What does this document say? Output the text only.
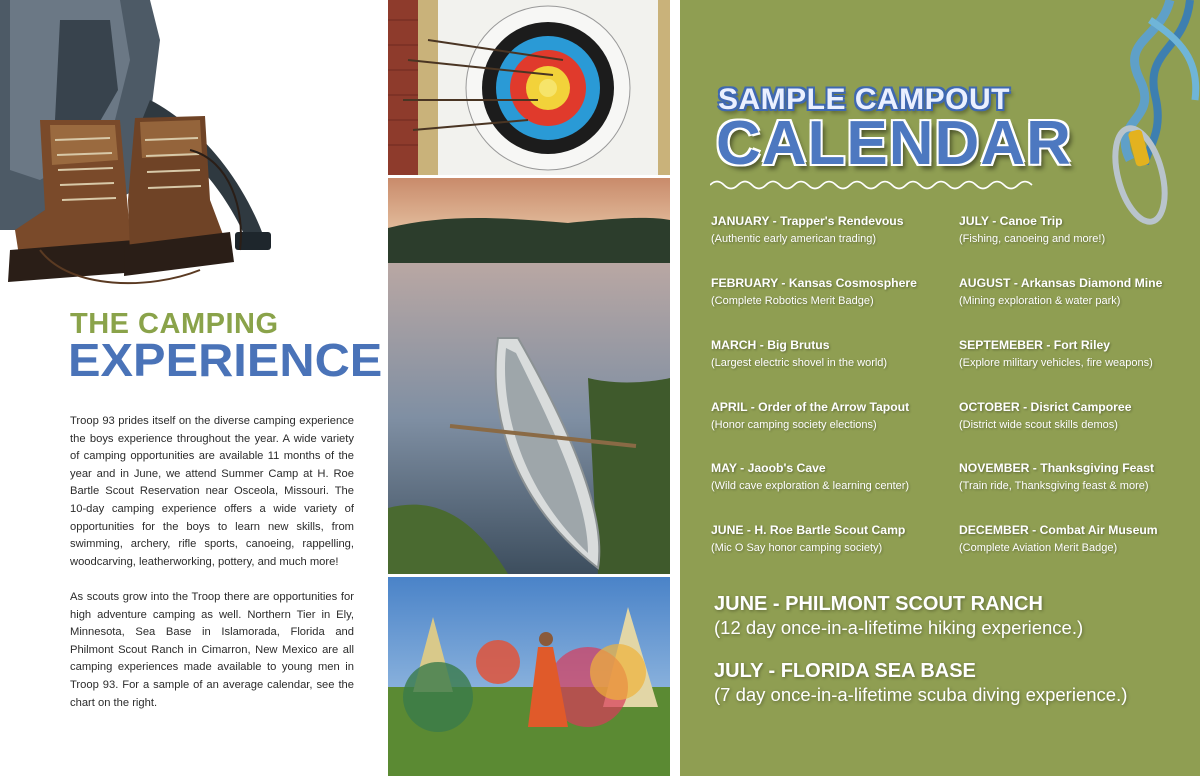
THE CAMPING
EXPERIENCE

Troop 93 prides itself on the diverse camping experience the boys experience throughout the year. A wide variety of camping opportunities are available 11 months of the year and in June, we attend Summer Camp at H. Roe Bartle Scout Reservation near Osceola, Missouri. The 10-day camping experience offers a wide variety of opportunities for the boys to learn new skills, from swimming, archery, rifle sports, canoeing, rappelling, woodcarving, leatherworking, pottery, and much more!

As scouts grow into the Troop there are opportunities for high adventure camping as well. Northern Tier in Ely, Minnesota, Sea Base in Islamorada, Florida and Philmont Scout Ranch in Cimarron, New Mexico are all camping experiences made available to young men in Troop 93. For a sample of an average calendar, see the chart on the right.

SAMPLE CAMPOUT
CALENDAR
JANUARY - Trapper's Rendevous
(Authentic early american trading)
FEBRUARY - Kansas Cosmosphere
(Complete Robotics Merit Badge)
MARCH - Big Brutus
(Largest electric shovel in the world)
APRIL - Order of the Arrow Tapout
(Honor camping society elections)
MAY - Jaoob's Cave
(Wild cave exploration & learning center)
JUNE - H. Roe Bartle Scout Camp
(Mic O Say honor camping society)
JULY - Canoe Trip
(Fishing, canoeing and more!)
AUGUST - Arkansas Diamond Mine
(Mining exploration & water park)
SEPTEMEBER - Fort Riley
(Explore military vehicles, fire weapons)
OCTOBER - Disrict Camporee
(District wide scout skills demos)
NOVEMBER - Thanksgiving Feast
(Train ride, Thanksgiving feast & more)
DECEMBER - Combat Air Museum
(Complete Aviation Merit Badge)
JUNE - PHILMONT SCOUT RANCH
(12 day once-in-a-lifetime hiking experience.)
JULY - FLORIDA SEA BASE
(7 day once-in-a-lifetime scuba diving experience.)
